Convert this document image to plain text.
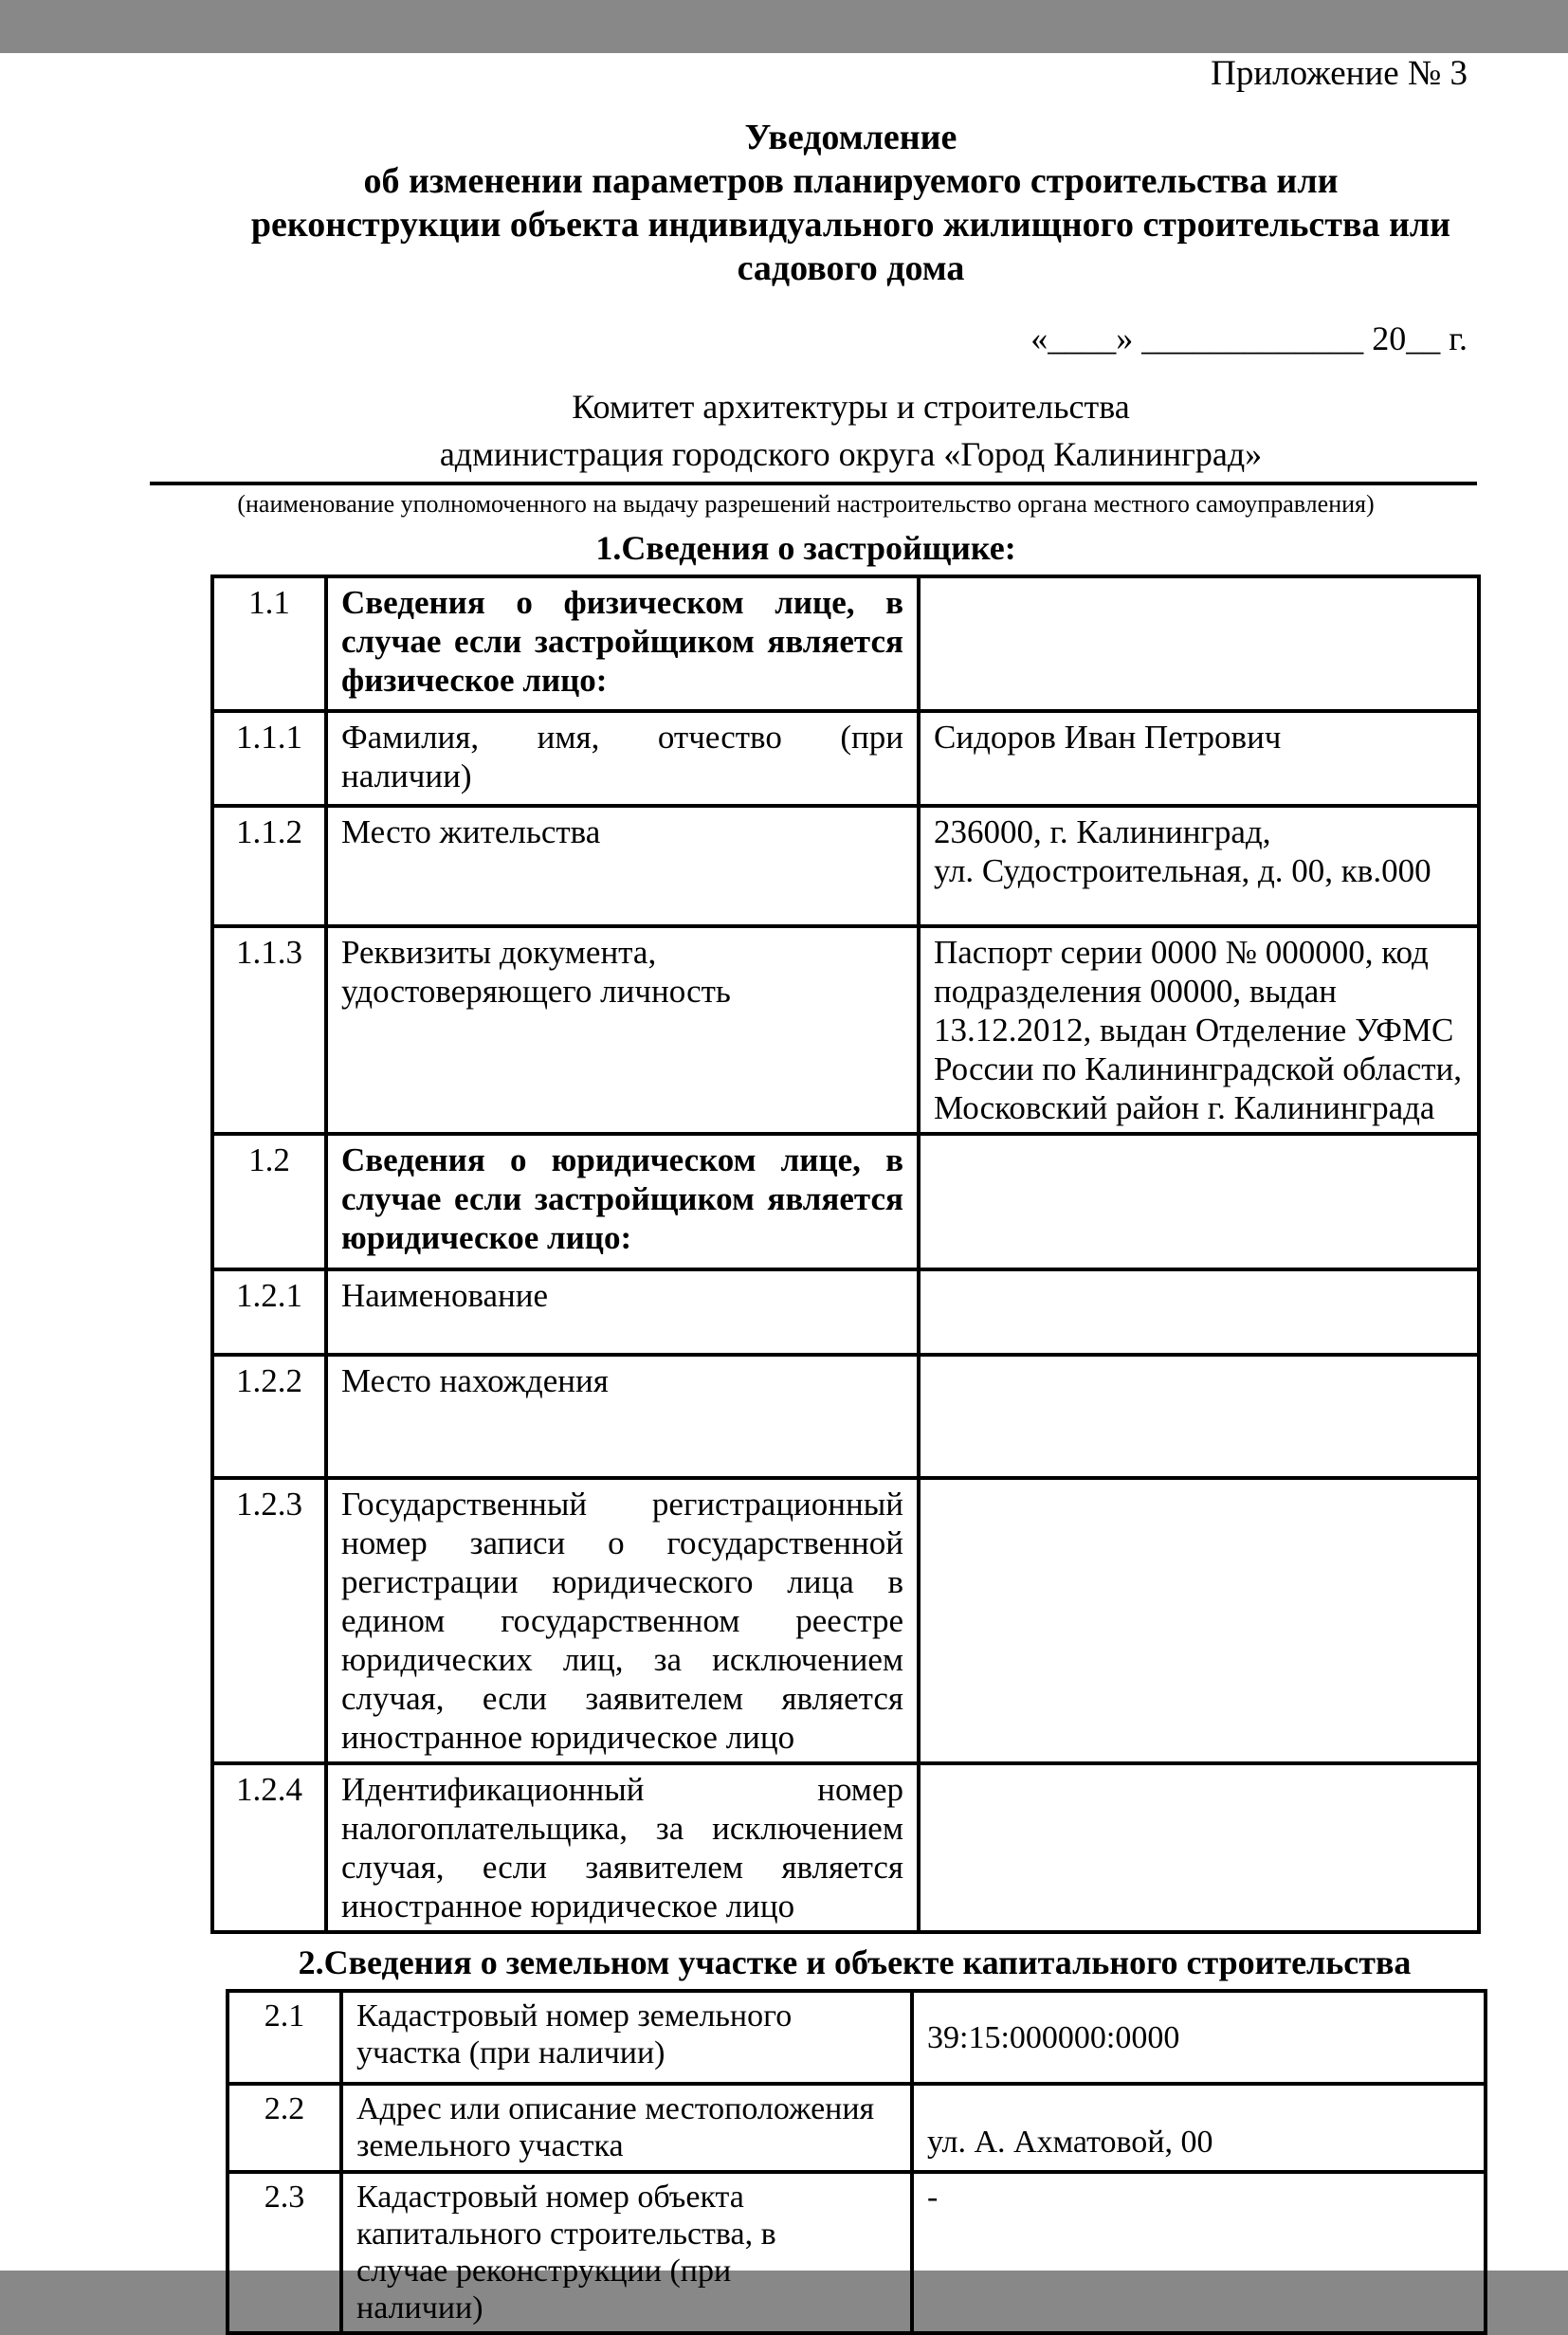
Приложение № 3
Уведомление
об изменении параметров планируемого строительства или
реконструкции объекта индивидуального жилищного строительства или
садового дома
«____» _____________ 20__ г.
Комитет архитектуры и строительства
администрация городского округа «Город Калининград»
(наименование уполномоченного на выдачу разрешений настроительство органа местного самоуправления)
1.Сведения о застройщике:
1.1	Сведения о физическом лице, в
случае если застройщиком является
физическое лицо:	

1.1.1	Фамилия, имя, отчество (при
наличии)	Сидоров Иван Петрович

1.1.2	Место жительства	236000, г. Калининград,
ул. Судостроительная, д. 00, кв.000

1.1.3	Реквизиты документа,
удостоверяющего личность	Паспорт серии 0000 № 000000, код
подразделения 00000, выдан
13.12.2012, выдан Отделение УФМС
России по Калининградской области,
Московский район г. Калининграда

1.2	Сведения о юридическом лице, в
случае если застройщиком является
юридическое лицо:	

1.2.1	Наименование	

1.2.2	Место нахождения	

1.2.3	Государственный регистрационный
номер записи о государственной
регистрации юридического лица в
едином государственном реестре
юридических лиц, за исключением
случая, если заявителем является
иностранное юридическое лицо

1.2.4	Идентификационный номер
налогоплательщика, за исключением
случая, если заявителем является
иностранное юридическое лицо	

2.Сведения о земельном участке и объекте капитального строительства
2.1	Кадастровый номер земельного
участка (при наличии)	39:15:000000:0000

2.2	Адрес или описание местоположения
земельного участка	ул. А. Ахматовой, 00

2.3	Кадастровый номер объекта
капитального строительства, в
случае реконструкции (при
наличии)	-
